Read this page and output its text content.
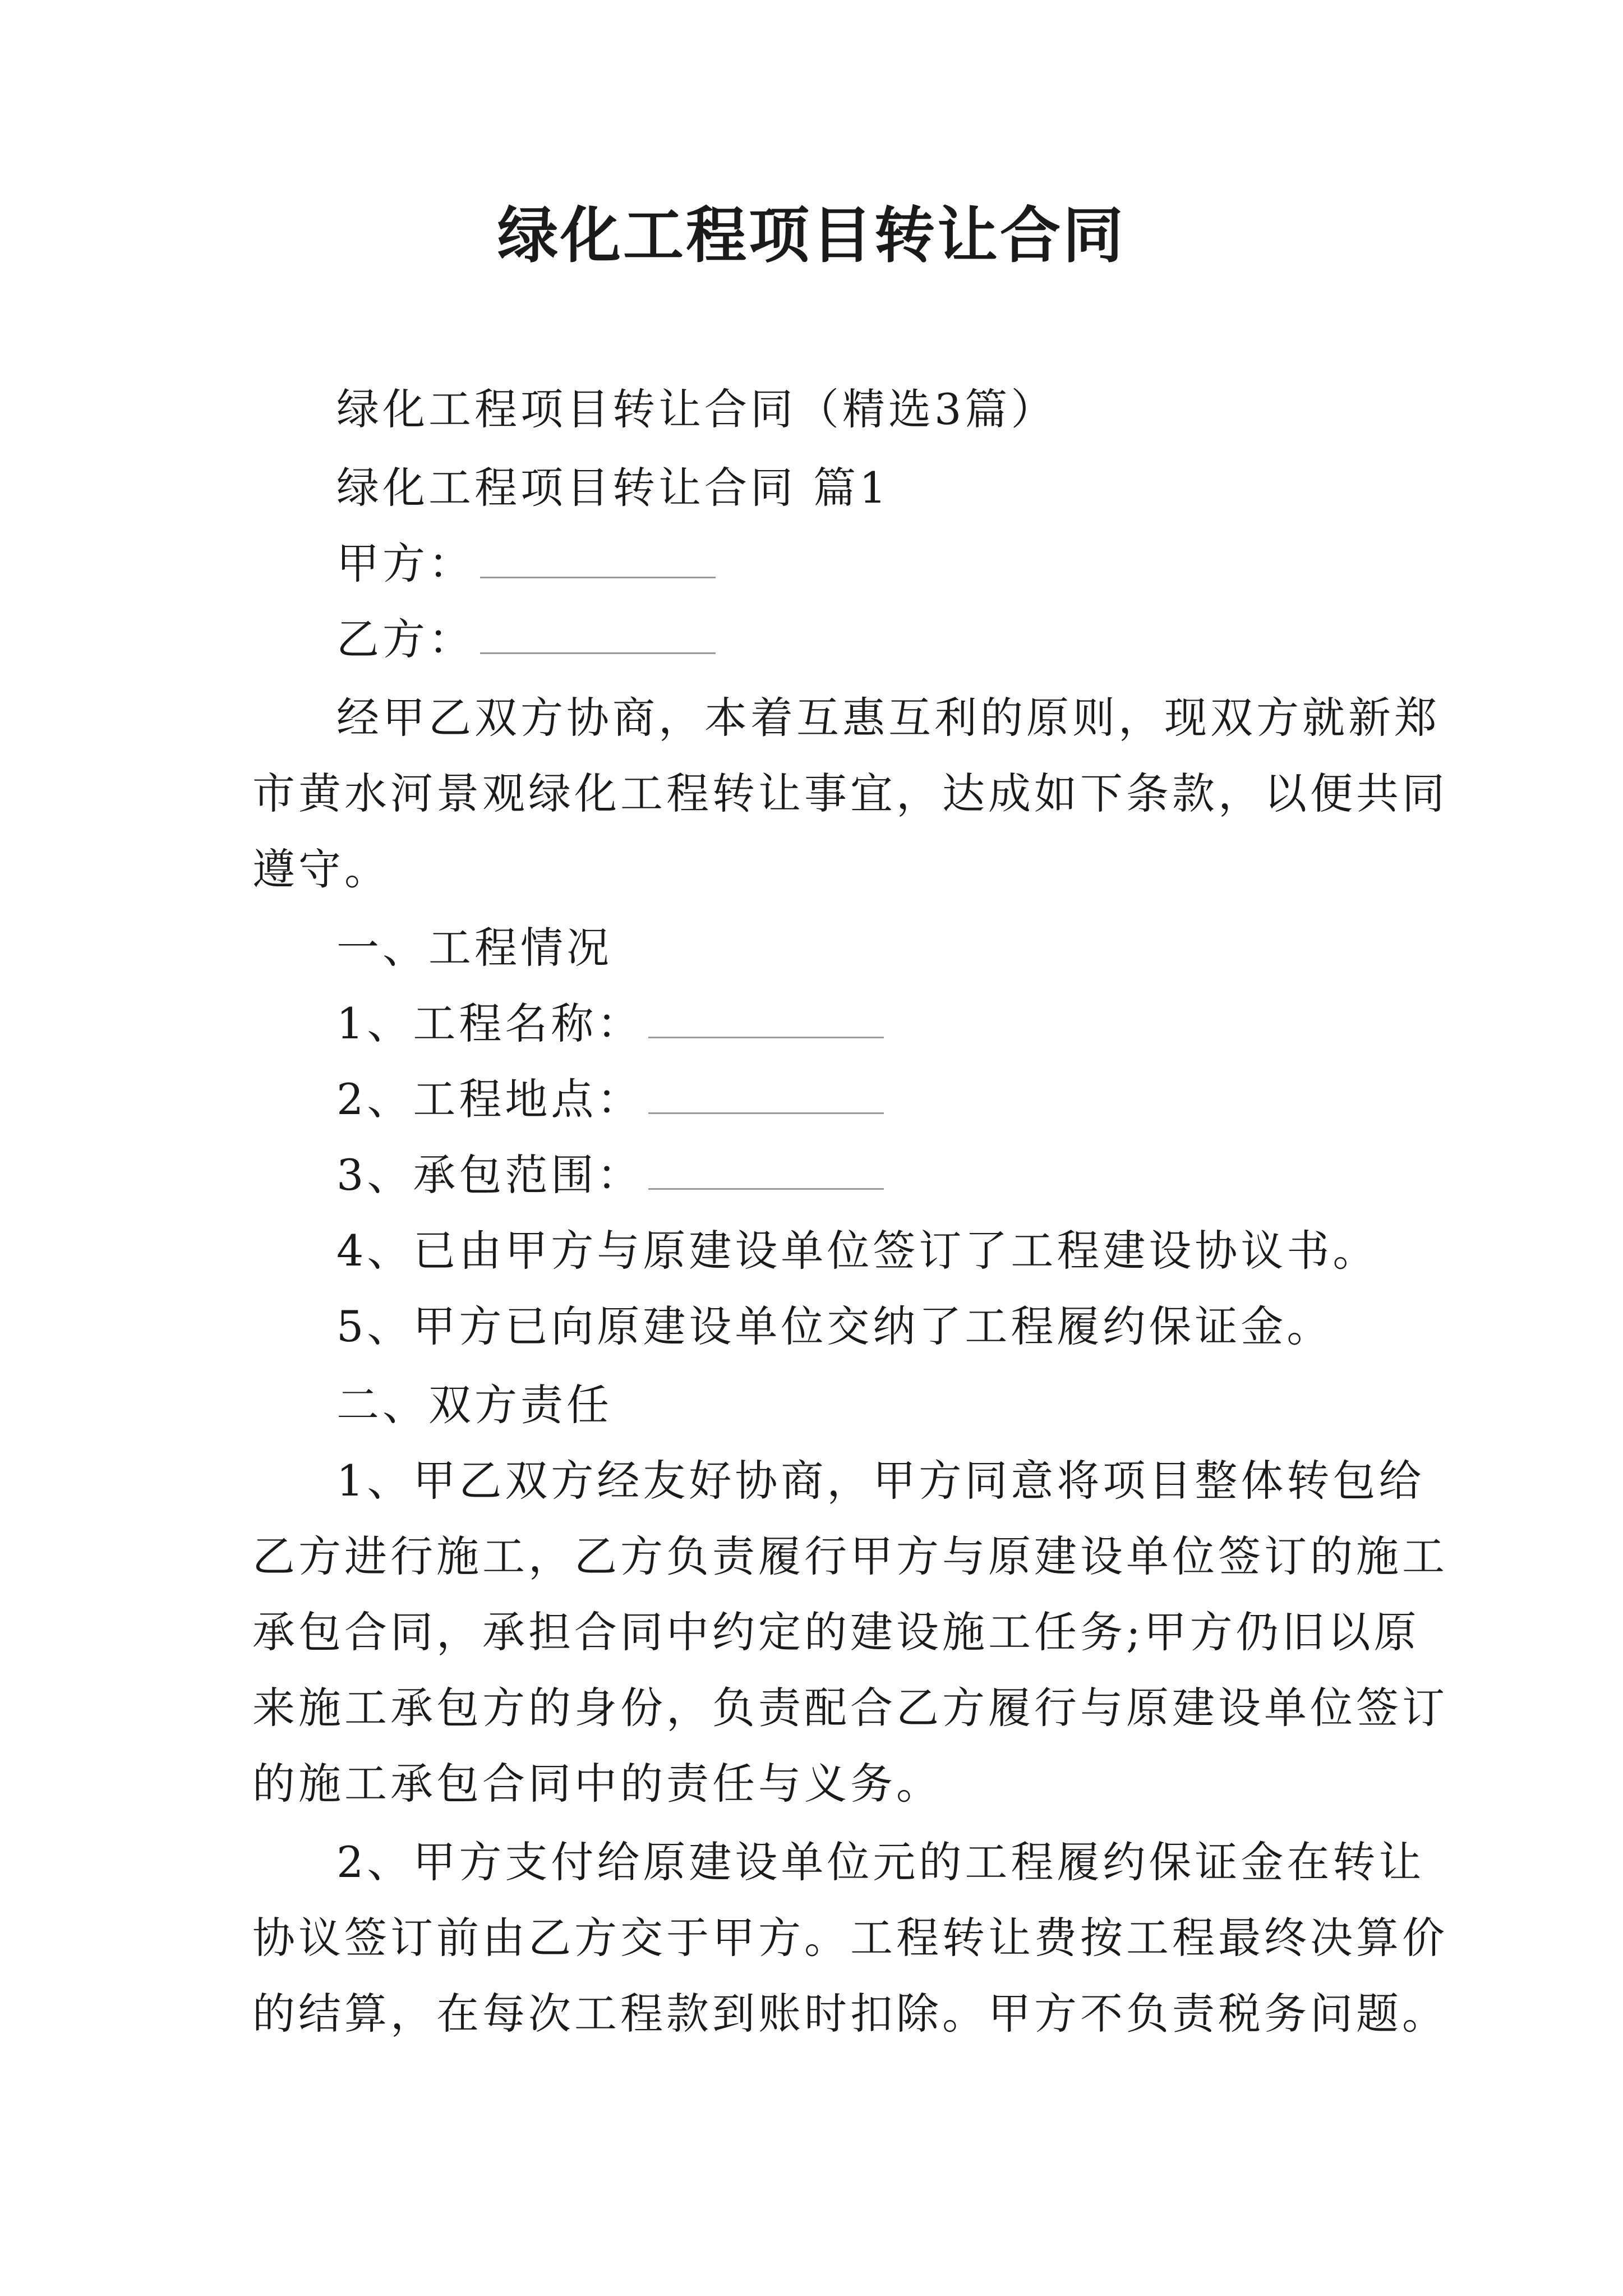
绿化工程项目转让合同
绿化工程项目转让合同（精选3篇）
绿化工程项目转让合同 篇1
甲方：
乙方：
经甲乙双方协商，本着互惠互利的原则，现双方就新郑
市黄水河景观绿化工程转让事宜，达成如下条款，以便共同
遵守。
一、工程情况
1、工程名称：
2、工程地点：
3、承包范围：
4、已由甲方与原建设单位签订了工程建设协议书。
5、甲方已向原建设单位交纳了工程履约保证金。
二、双方责任
1、甲乙双方经友好协商，甲方同意将项目整体转包给
乙方进行施工，乙方负责履行甲方与原建设单位签订的施工
承包合同，承担合同中约定的建设施工任务;甲方仍旧以原
来施工承包方的身份，负责配合乙方履行与原建设单位签订
的施工承包合同中的责任与义务。
2、甲方支付给原建设单位元的工程履约保证金在转让
协议签订前由乙方交于甲方。工程转让费按工程最终决算价
的结算，在每次工程款到账时扣除。甲方不负责税务问题。
